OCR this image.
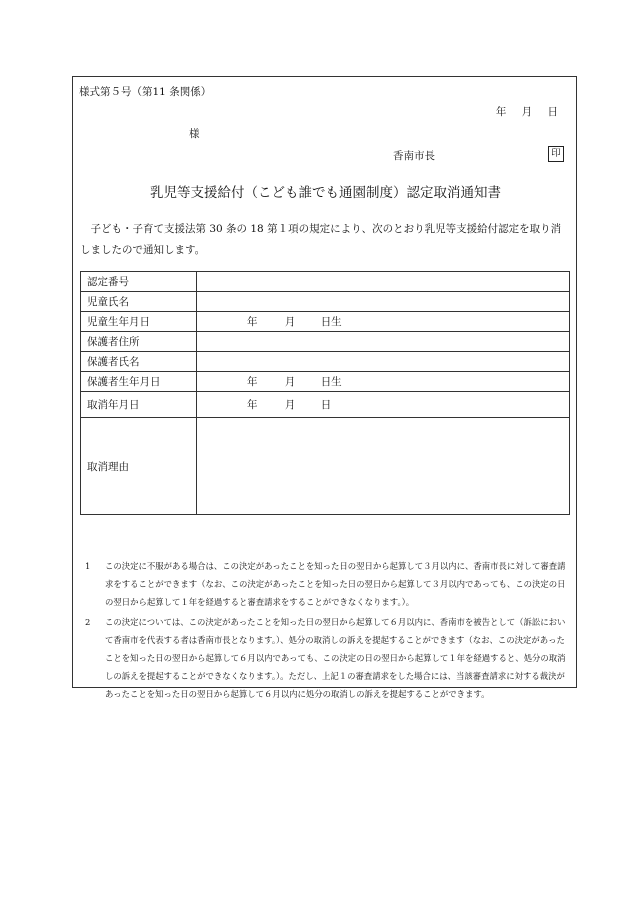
様式第５号（第11 条関係）
年 月 日
様
香南市長	印
乳児等支援給付（こども誰でも通園制度）認定取消通知書
子ども・子育て支援法第 30 条の 18 第１項の規定により、次のとおり乳児等支援給付認定を取り消しましたので通知します。
認定番号	
児童氏名	
児童生年月日	年 月 日生
保護者住所	
保護者氏名	
保護者生年月日	年 月 日生
取消年月日	年 月 日
取消理由	
1 この決定に不服がある場合は、この決定があったことを知った日の翌日から起算して３月以内に、香南市長に対して審査請求をすることができます（なお、この決定があったことを知った日の翌日から起算して３月以内であっても、この決定の日の翌日から起算して１年を経過すると審査請求をすることができなくなります。）。
2 この決定については、この決定があったことを知った日の翌日から起算して６月以内に、香南市を被告として（訴訟において香南市を代表する者は香南市長となります。）、処分の取消しの訴えを提起することができます（なお、この決定があったことを知った日の翌日から起算して６月以内であっても、この決定の日の翌日から起算して１年を経過すると、処分の取消しの訴えを提起することができなくなります。）。ただし、上記１の審査請求をした場合には、当該審査請求に対する裁決があったことを知った日の翌日から起算して６月以内に処分の取消しの訴えを提起することができます。
